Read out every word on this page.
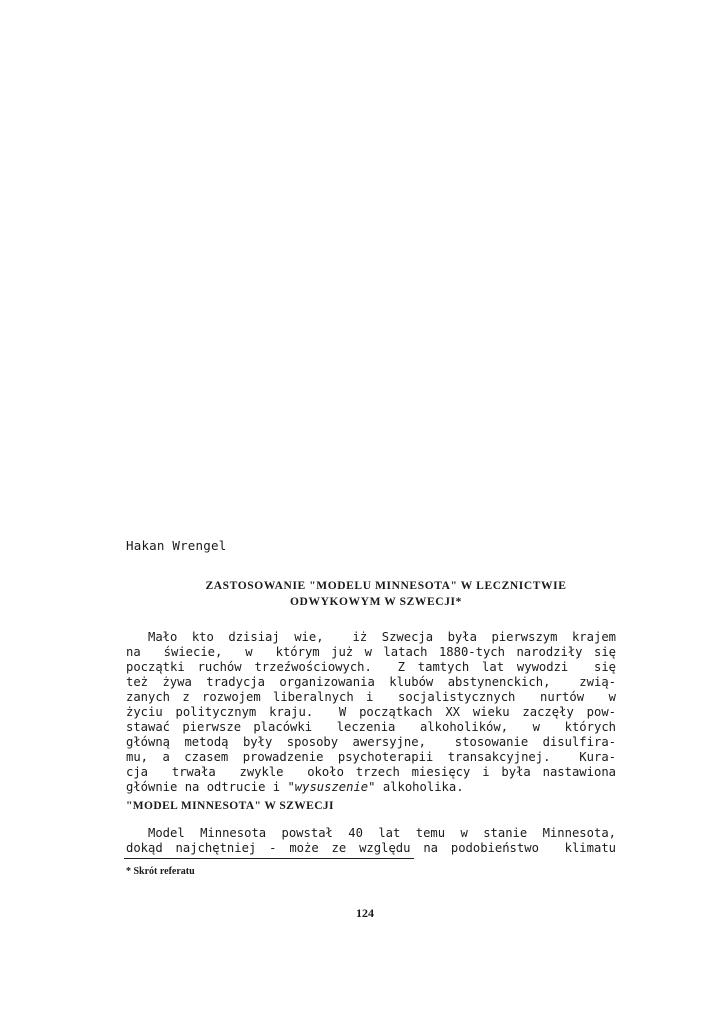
Hakan Wrengel
ZASTOSOWANIE "MODELU MINNESOTA" W LECZNICTWIE
ODWYKOWYM W SZWECJI*
Mało kto dzisiaj wie,  iż Szwecja była pierwszym krajem
na  świecie,  w  którym już w latach 1880-tych narodziły się
początki ruchów trzeźwościowych.  Z tamtych lat wywodzi  się
też żywa tradycja organizowania klubów abstynenckich,  zwią-
zanych z rozwojem liberalnych i  socjalistycznych  nurtów  w
życiu politycznym kraju.  W początkach XX wieku zaczęły pow-
stawać pierwsze placówki  leczenia  alkoholików,  w  których
główną metodą były sposoby awersyjne,  stosowanie disulfira-
mu, a czasem prowadzenie psychoterapii transakcyjnej.  Kura-
cja  trwała  zwykle  około trzech miesięcy i była nastawiona
głównie na odtrucie i "wysuszenie" alkoholika.
"MODEL MINNESOTA" W SZWECJI
Model Minnesota powstał 40 lat temu w stanie Minnesota,
dokąd najchętniej - może ze względu na podobieństwo  klimatu
* Skrót referatu
124
